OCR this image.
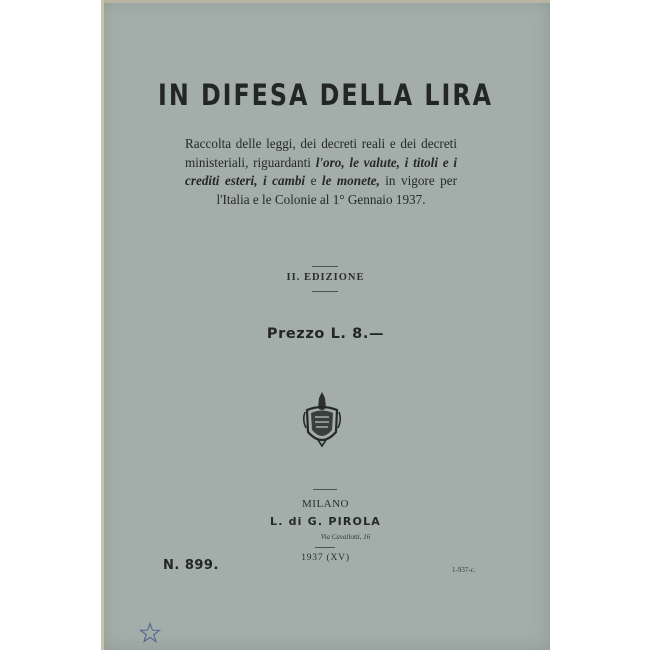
IN DIFESA DELLA LIRA
Raccolta delle leggi, dei decreti reali e dei decreti ministeriali, riguardanti l'oro, le valute, i titoli e i crediti esteri, i cambi e le monete, in vigore per l'Italia e le Colonie al 1° Gennaio 1937.
II. EDIZIONE
Prezzo L. 8.—
MILANO
L. di G. PIROLA
Via Cavallotti, 16
1937 (XV)
N. 899.	1-937-c.
